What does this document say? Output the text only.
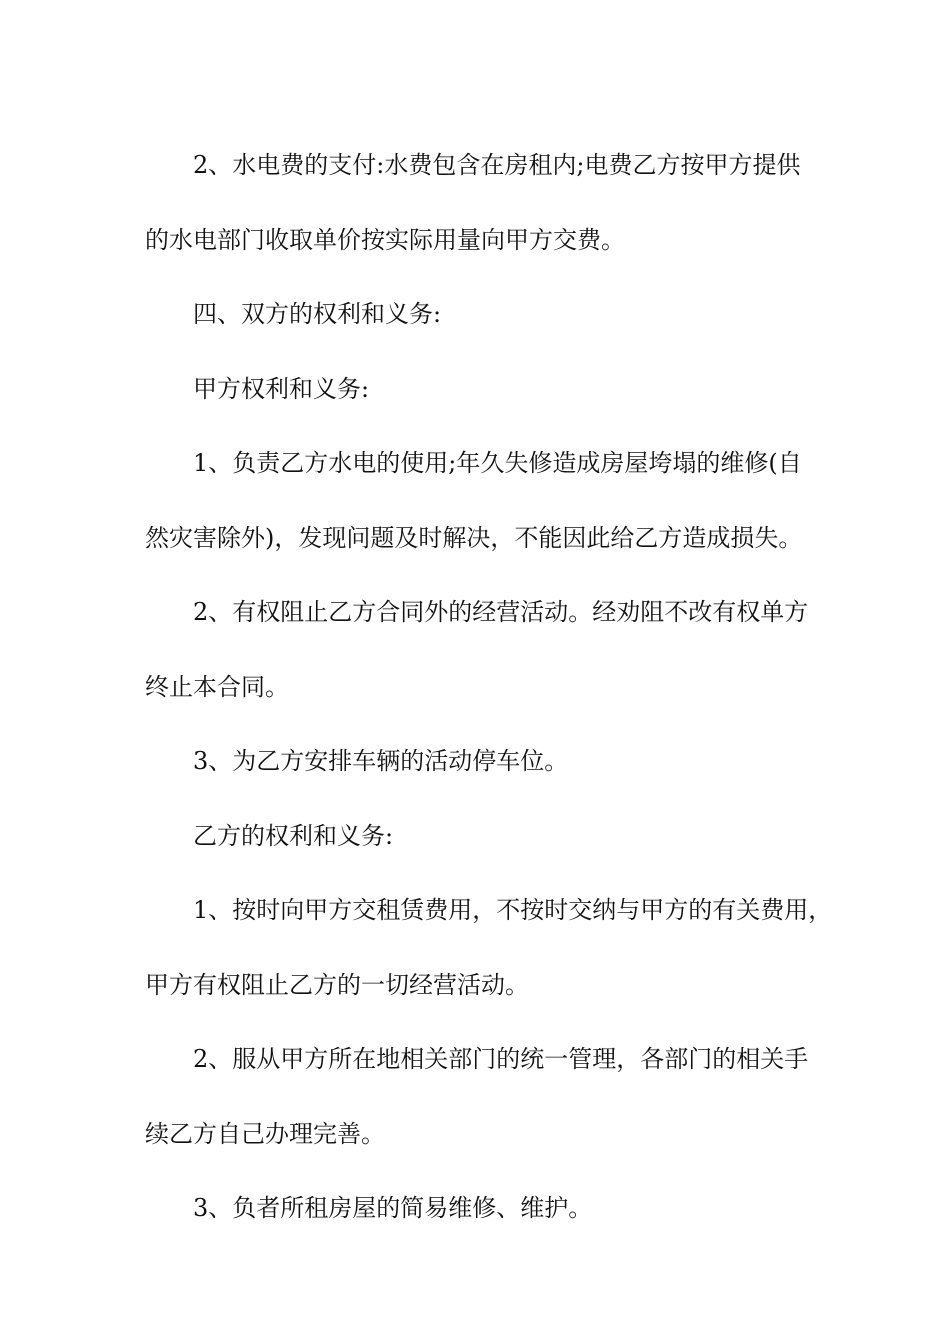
2、水电费的支付:水费包含在房租内;电费乙方按甲方提供
的水电部门收取单价按实际用量向甲方交费。
四、双方的权利和义务:
甲方权利和义务:
1、负责乙方水电的使用;年久失修造成房屋垮塌的维修(自
然灾害除外)，发现问题及时解决，不能因此给乙方造成损失。
2、有权阻止乙方合同外的经营活动。经劝阻不改有权单方
终止本合同。
3、为乙方安排车辆的活动停车位。
乙方的权利和义务:
1、按时向甲方交租赁费用，不按时交纳与甲方的有关费用，
甲方有权阻止乙方的一切经营活动。
2、服从甲方所在地相关部门的统一管理，各部门的相关手
续乙方自己办理完善。
3、负者所租房屋的简易维修、维护。
